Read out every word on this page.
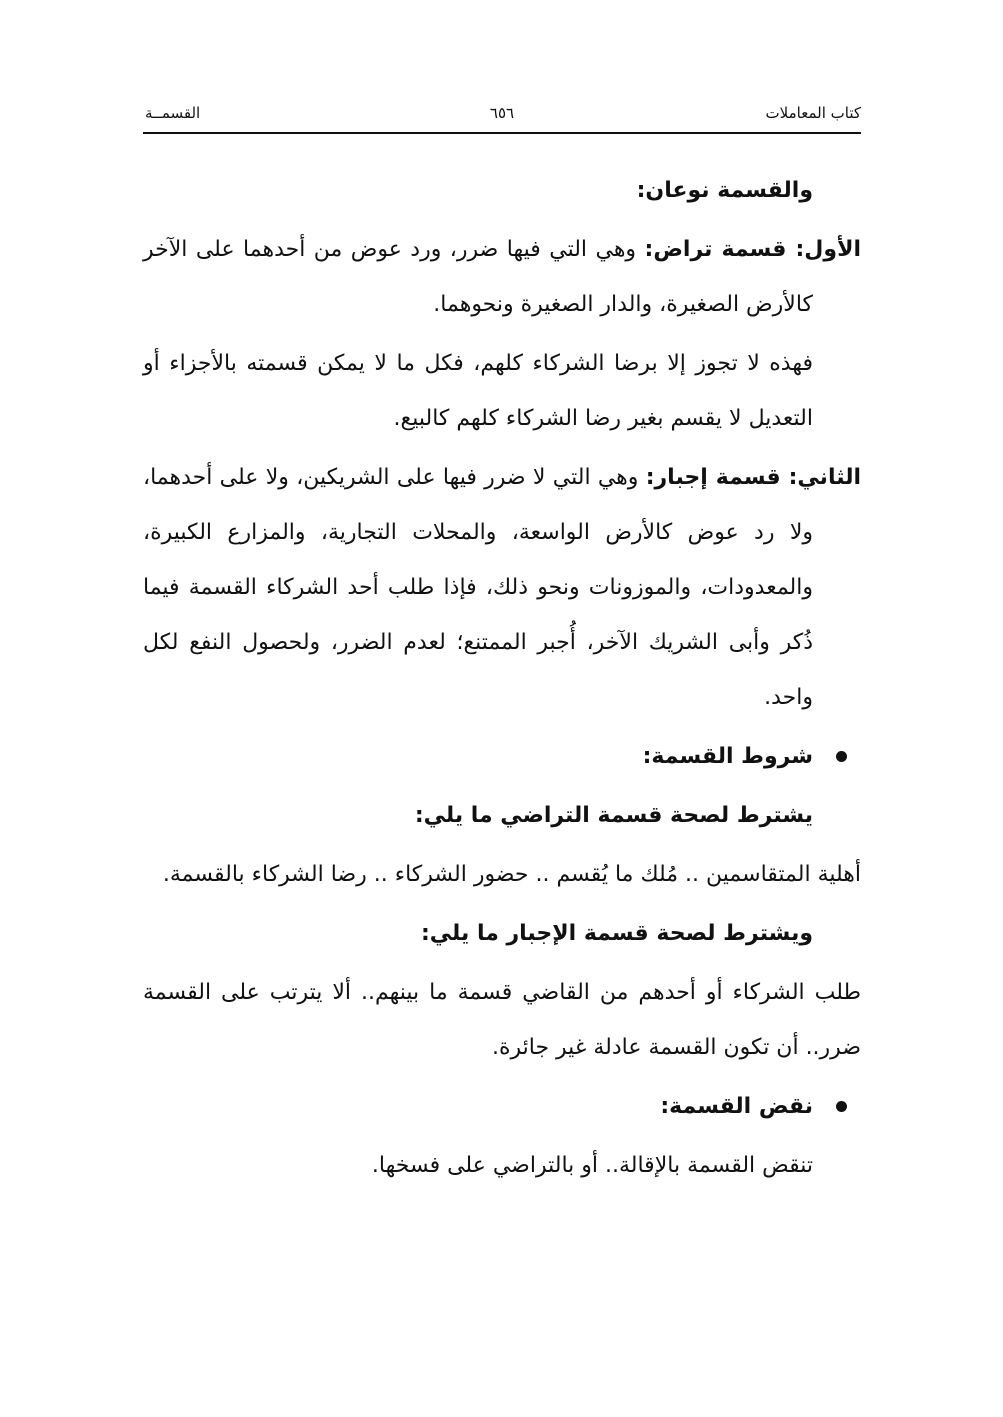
كتاب المعاملات
٦٥٦
القسمــة

والقسمة نوعان:

الأول: قسمة تراض: وهي التي فيها ضرر، ورد عوض من أحدهما على الآخر كالأرض الصغيرة، والدار الصغيرة ونحوهما.

فهذه لا تجوز إلا برضا الشركاء كلهم، فكل ما لا يمكن قسمته بالأجزاء أو التعديل لا يقسم بغير رضا الشركاء كلهم كالبيع.

الثاني: قسمة إجبار: وهي التي لا ضرر فيها على الشريكين، ولا على أحدهما، ولا رد عوض كالأرض الواسعة، والمحلات التجارية، والمزارع الكبيرة، والمعدودات، والموزونات ونحو ذلك، فإذا طلب أحد الشركاء القسمة فيما ذُكر وأبى الشريك الآخر، أُجبر الممتنع؛ لعدم الضرر، ولحصول النفع لكل واحد.

شروط القسمة:

يشترط لصحة قسمة التراضي ما يلي:

أهلية المتقاسمين .. مُلك ما يُقسم .. حضور الشركاء .. رضا الشركاء بالقسمة.

ويشترط لصحة قسمة الإجبار ما يلي:

طلب الشركاء أو أحدهم من القاضي قسمة ما بينهم.. ألا يترتب على القسمة ضرر.. أن تكون القسمة عادلة غير جائرة.

نقض القسمة:

تنقض القسمة بالإقالة.. أو بالتراضي على فسخها.
